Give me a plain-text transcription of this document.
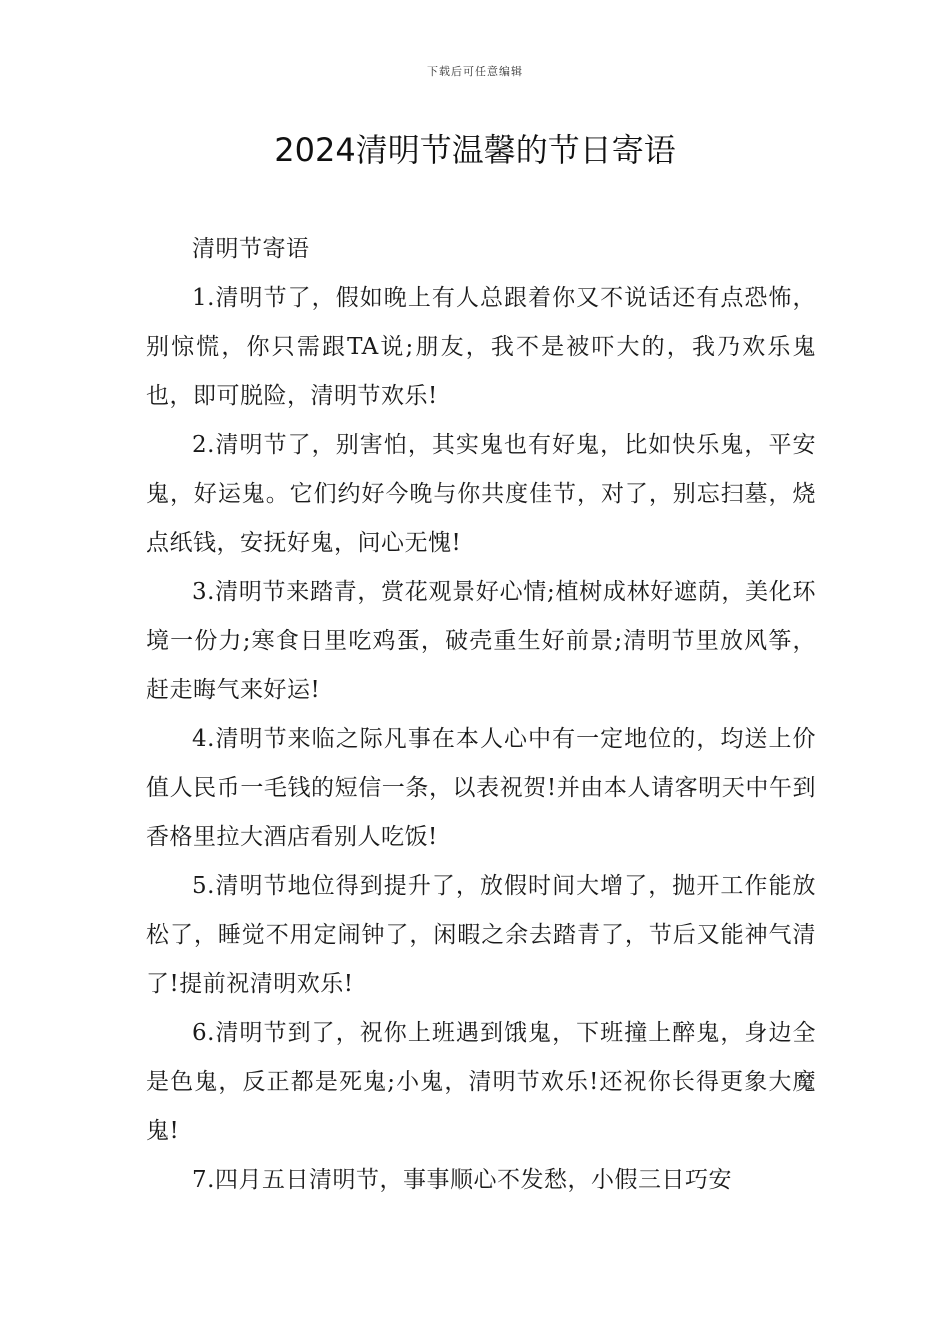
下载后可任意编辑
2024清明节温馨的节日寄语

清明节寄语

1.清明节了，假如晚上有人总跟着你又不说话还有点恐怖，别惊慌，你只需跟TA说;朋友，我不是被吓大的，我乃欢乐鬼也，即可脱险，清明节欢乐!

2.清明节了，别害怕，其实鬼也有好鬼，比如快乐鬼，平安鬼，好运鬼。它们约好今晚与你共度佳节，对了，别忘扫墓，烧点纸钱，安抚好鬼，问心无愧!

3.清明节来踏青，赏花观景好心情;植树成林好遮荫，美化环境一份力;寒食日里吃鸡蛋，破壳重生好前景;清明节里放风筝，赶走晦气来好运!

4.清明节来临之际凡事在本人心中有一定地位的，均送上价值人民币一毛钱的短信一条，以表祝贺!并由本人请客明天中午到香格里拉大酒店看别人吃饭!

5.清明节地位得到提升了，放假时间大增了，抛开工作能放松了，睡觉不用定闹钟了，闲暇之余去踏青了，节后又能神气清了!提前祝清明欢乐!

6.清明节到了，祝你上班遇到饿鬼，下班撞上醉鬼，身边全是色鬼，反正都是死鬼;小鬼，清明节欢乐!还祝你长得更象大魔鬼!

7.四月五日清明节，事事顺心不发愁，小假三日巧安
